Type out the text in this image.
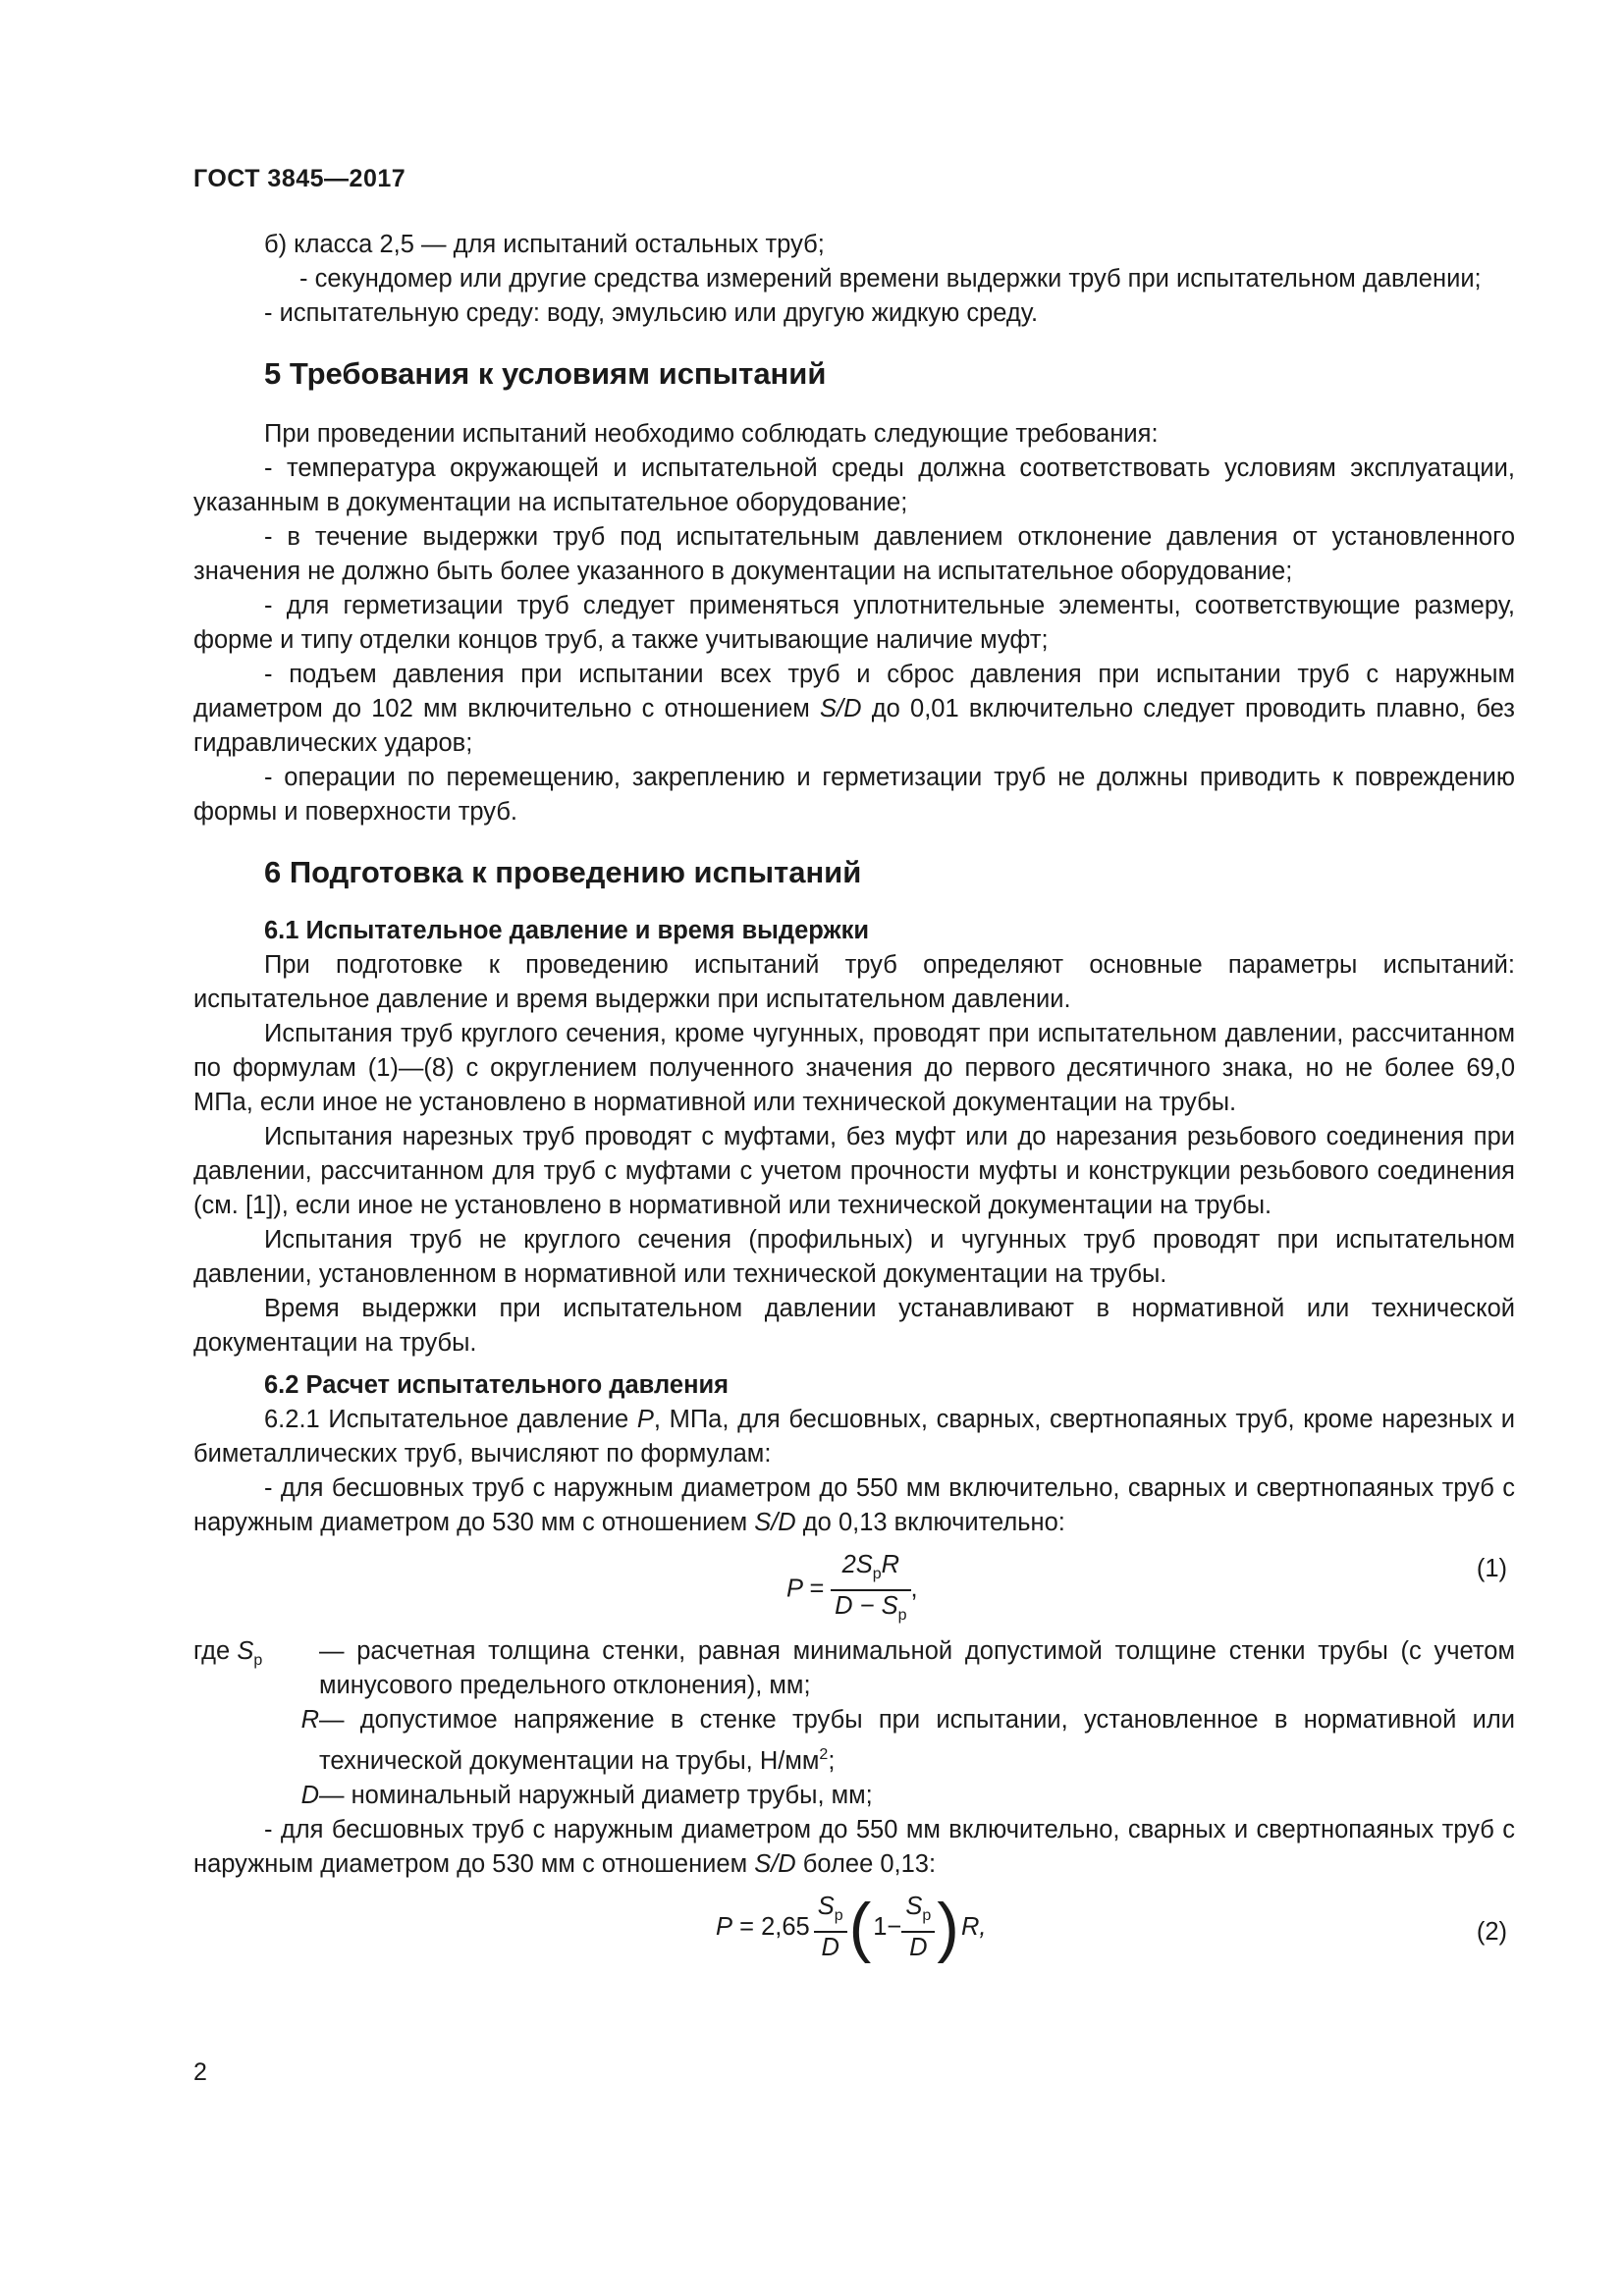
ГОСТ 3845—2017

б) класса 2,5 — для испытаний остальных труб;

- секундомер или другие средства измерений времени выдержки труб при испытательном давлении;

- испытательную среду: воду, эмульсию или другую жидкую среду.

5 Требования к условиям испытаний

При проведении испытаний необходимо соблюдать следующие требования:

- температура окружающей и испытательной среды должна соответствовать условиям эксплуатации, указанным в документации на испытательное оборудование;

- в течение выдержки труб под испытательным давлением отклонение давления от установленного значения не должно быть более указанного в документации на испытательное оборудование;

- для герметизации труб следует применяться уплотнительные элементы, соответствующие размеру, форме и типу отделки концов труб, а также учитывающие наличие муфт;

- подъем давления при испытании всех труб и сброс давления при испытании труб с наружным диаметром до 102 мм включительно с отношением S/D до 0,01 включительно следует проводить плавно, без гидравлических ударов;

- операции по перемещению, закреплению и герметизации труб не должны приводить к повреждению формы и поверхности труб.

6 Подготовка к проведению испытаний
6.1 Испытательное давление и время выдержки

При подготовке к проведению испытаний труб определяют основные параметры испытаний: испытательное давление и время выдержки при испытательном давлении.

Испытания труб круглого сечения, кроме чугунных, проводят при испытательном давлении, рассчитанном по формулам (1)—(8) с округлением полученного значения до первого десятичного знака, но не более 69,0 МПа, если иное не установлено в нормативной или технической документации на трубы.

Испытания нарезных труб проводят с муфтами, без муфт или до нарезания резьбового соединения при давлении, рассчитанном для труб с муфтами с учетом прочности муфты и конструкции резьбового соединения (см. [1]), если иное не установлено в нормативной или технической документации на трубы.

Испытания труб не круглого сечения (профильных) и чугунных труб проводят при испытательном давлении, установленном в нормативной или технической документации на трубы.

Время выдержки при испытательном давлении устанавливают в нормативной или технической документации на трубы.

6.2 Расчет испытательного давления

6.2.1 Испытательное давление P, МПа, для бесшовных, сварных, свертнопаяных труб, кроме нарезных и биметаллических труб, вычисляют по формулам:

- для бесшовных труб с наружным диаметром до 550 мм включительно, сварных и свертнопаяных труб с наружным диаметром до 530 мм с отношением S/D до 0,13 включительно:

$P = \frac{2S_рR}{D - S_р}$ ,
(1)
где $S_р$	— расчетная толщина стенки, равная минимальной допустимой толщине стенки трубы (с учетом минусового предельного отклонения), мм;
R — допустимое напряжение в стенке трубы при испытании, установленное в нормативной или технической документации на трубы, $Н/мм^2$;
D — номинальный наружный диаметр трубы, мм;

- для бесшовных труб с наружным диаметром до 550 мм включительно, сварных и свертнопаяных труб с наружным диаметром до 530 мм с отношением S/D более 0,13:

$P = 2,65 \frac{S_р}{D}$ ( $1- \frac{S_р}{D}$ ) R,	(2)
2
